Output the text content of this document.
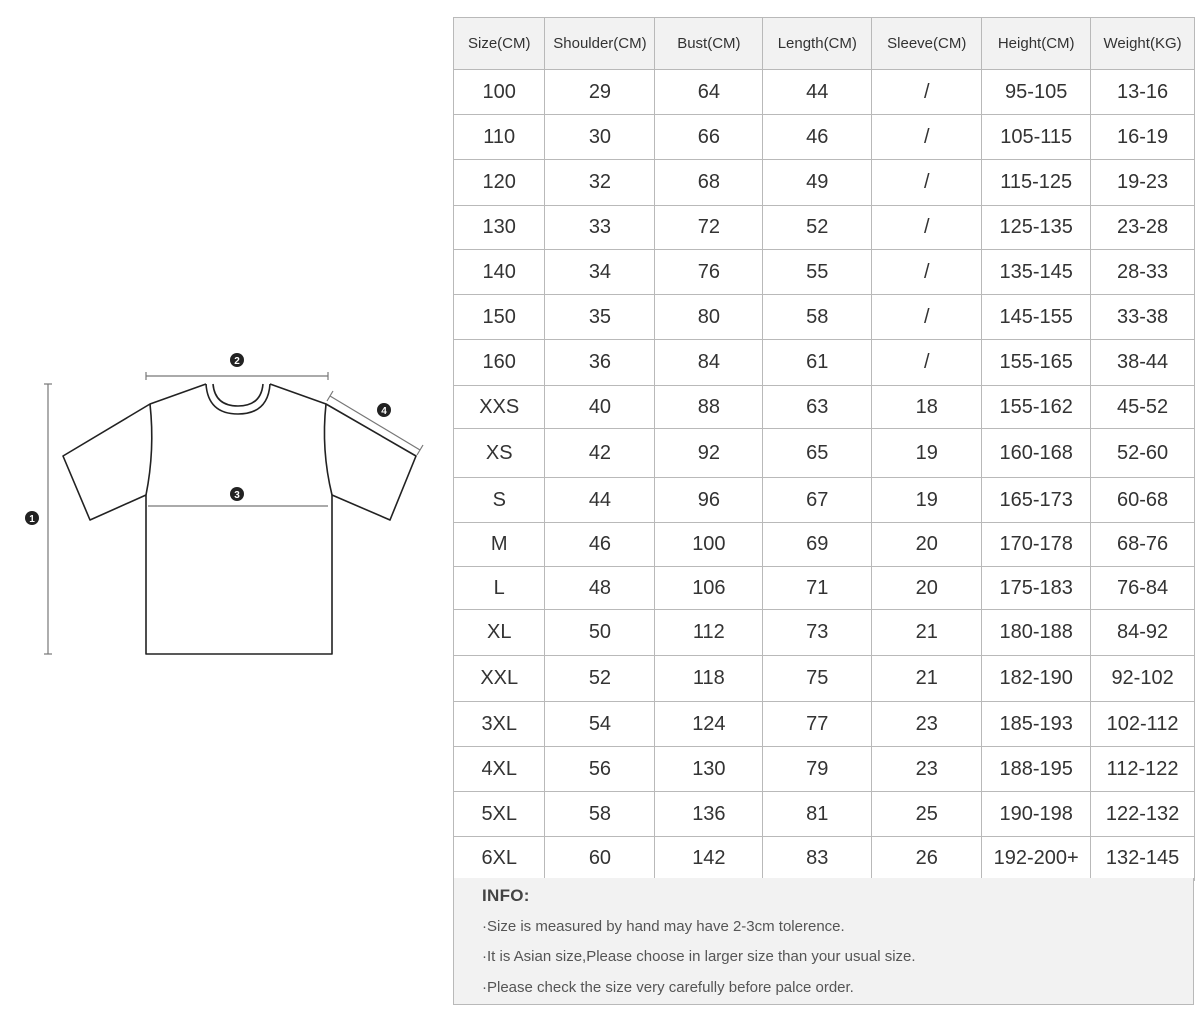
1
2
3
4
Size(CM)	Shoulder(CM)	Bust(CM)	Length(CM)	Sleeve(CM)	Height(CM)	Weight(KG)
100	29	64	44	/	95-105	13-16
110	30	66	46	/	105-115	16-19
120	32	68	49	/	115-125	19-23
130	33	72	52	/	125-135	23-28
140	34	76	55	/	135-145	28-33
150	35	80	58	/	145-155	33-38
160	36	84	61	/	155-165	38-44
XXS	40	88	63	18	155-162	45-52
XS	42	92	65	19	160-168	52-60
S	44	96	67	19	165-173	60-68
M	46	100	69	20	170-178	68-76
L	48	106	71	20	175-183	76-84
XL	50	112	73	21	180-188	84-92
XXL	52	118	75	21	182-190	92-102
3XL	54	124	77	23	185-193	102-112
4XL	56	130	79	23	188-195	112-122
5XL	58	136	81	25	190-198	122-132
6XL	60	142	83	26	192-200+	132-145
INFO:
·Size is measured by hand may have 2-3cm tolerence.
·It is Asian size,Please choose in larger size than your usual size.
·Please check the size very carefully before palce order.
